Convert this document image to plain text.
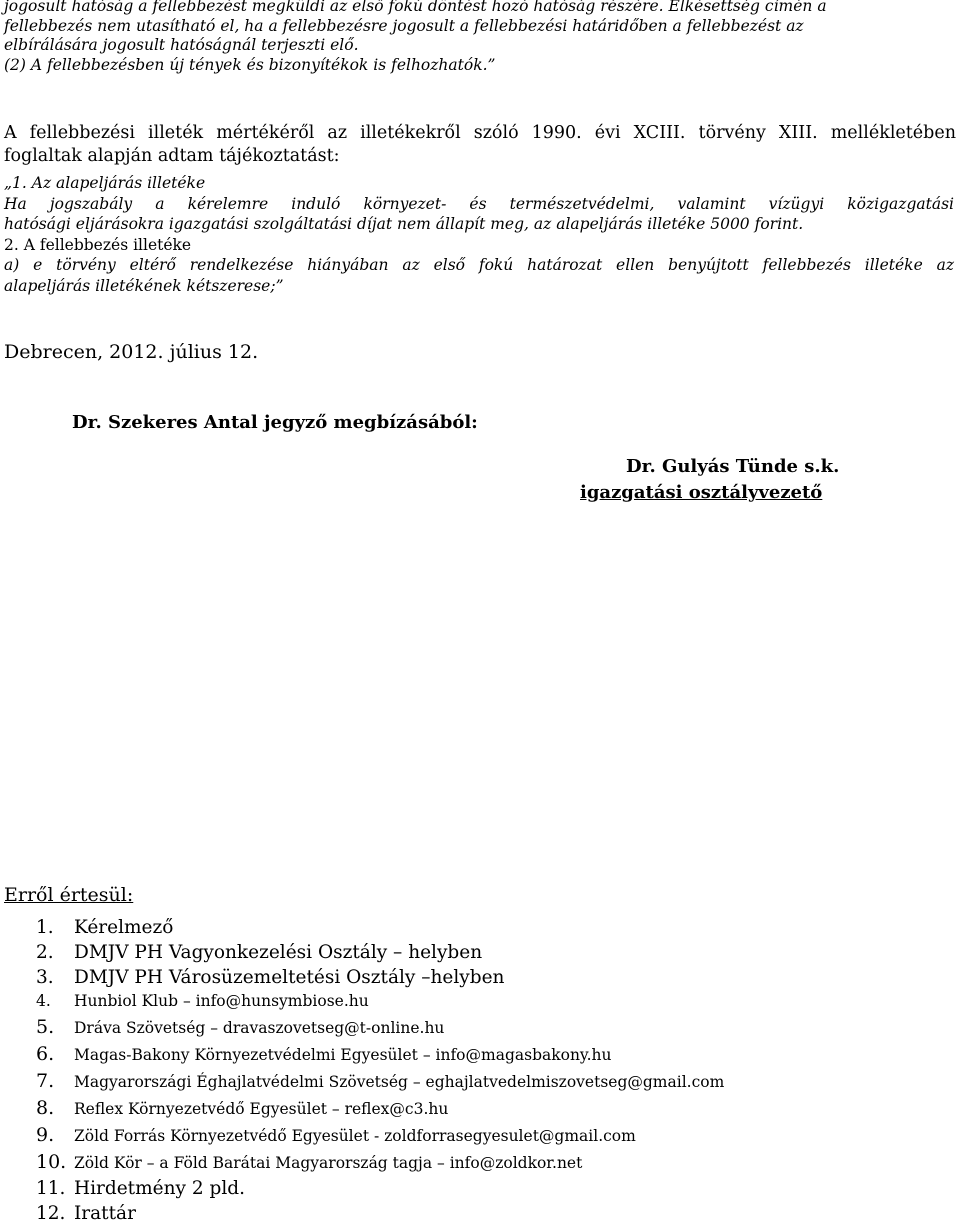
jogosult hatóság a fellebbezést megküldi az első fokú döntést hozó hatóság részére. Elkésettség címén a

fellebbezés nem utasítható el, ha a fellebbezésre jogosult a fellebbezési határidőben a fellebbezést az

elbírálására jogosult hatóságnál terjeszti elő.

(2) A fellebbezésben új tények és bizonyítékok is felhozhatók.”

A fellebbezési illeték mértékéről az illetékekről szóló 1990. évi XCIII. törvény XIII. mellékletében

foglaltak alapján adtam tájékoztatást:

„1. Az alapeljárás illetéke

Ha jogszabály a kérelemre induló környezet- és természetvédelmi, valamint vízügyi közigazgatási

hatósági eljárásokra igazgatási szolgáltatási díjat nem állapít meg, az alapeljárás illetéke 5000 forint.

2. A fellebbezés illetéke

a) e törvény eltérő rendelkezése hiányában az első fokú határozat ellen benyújtott fellebbezés illetéke az

alapeljárás illetékének kétszerese;”

Debrecen, 2012. július 12.
Dr. Szekeres Antal jegyző megbízásából:
Dr. Gulyás Tünde s.k.
igazgatási osztályvezető
Erről értesül:
1. Kérelmező
2. DMJV PH Vagyonkezelési Osztály – helyben
3. DMJV PH Városüzemeltetési Osztály –helyben
4. Hunbiol Klub – info@hunsymbiose.hu
5. Dráva Szövetség – dravaszovetseg@t-online.hu
6. Magas-Bakony Környezetvédelmi Egyesület – info@magasbakony.hu
7. Magyarországi Éghajlatvédelmi Szövetség – eghajlatvedelmiszovetseg@gmail.com
8. Reflex Környezetvédő Egyesület – reflex@c3.hu
9. Zöld Forrás Környezetvédő Egyesület - zoldforrasegyesulet@gmail.com
10. Zöld Kör – a Föld Barátai Magyarország tagja – info@zoldkor.net
11. Hirdetmény 2 pld.
12. Irattár
